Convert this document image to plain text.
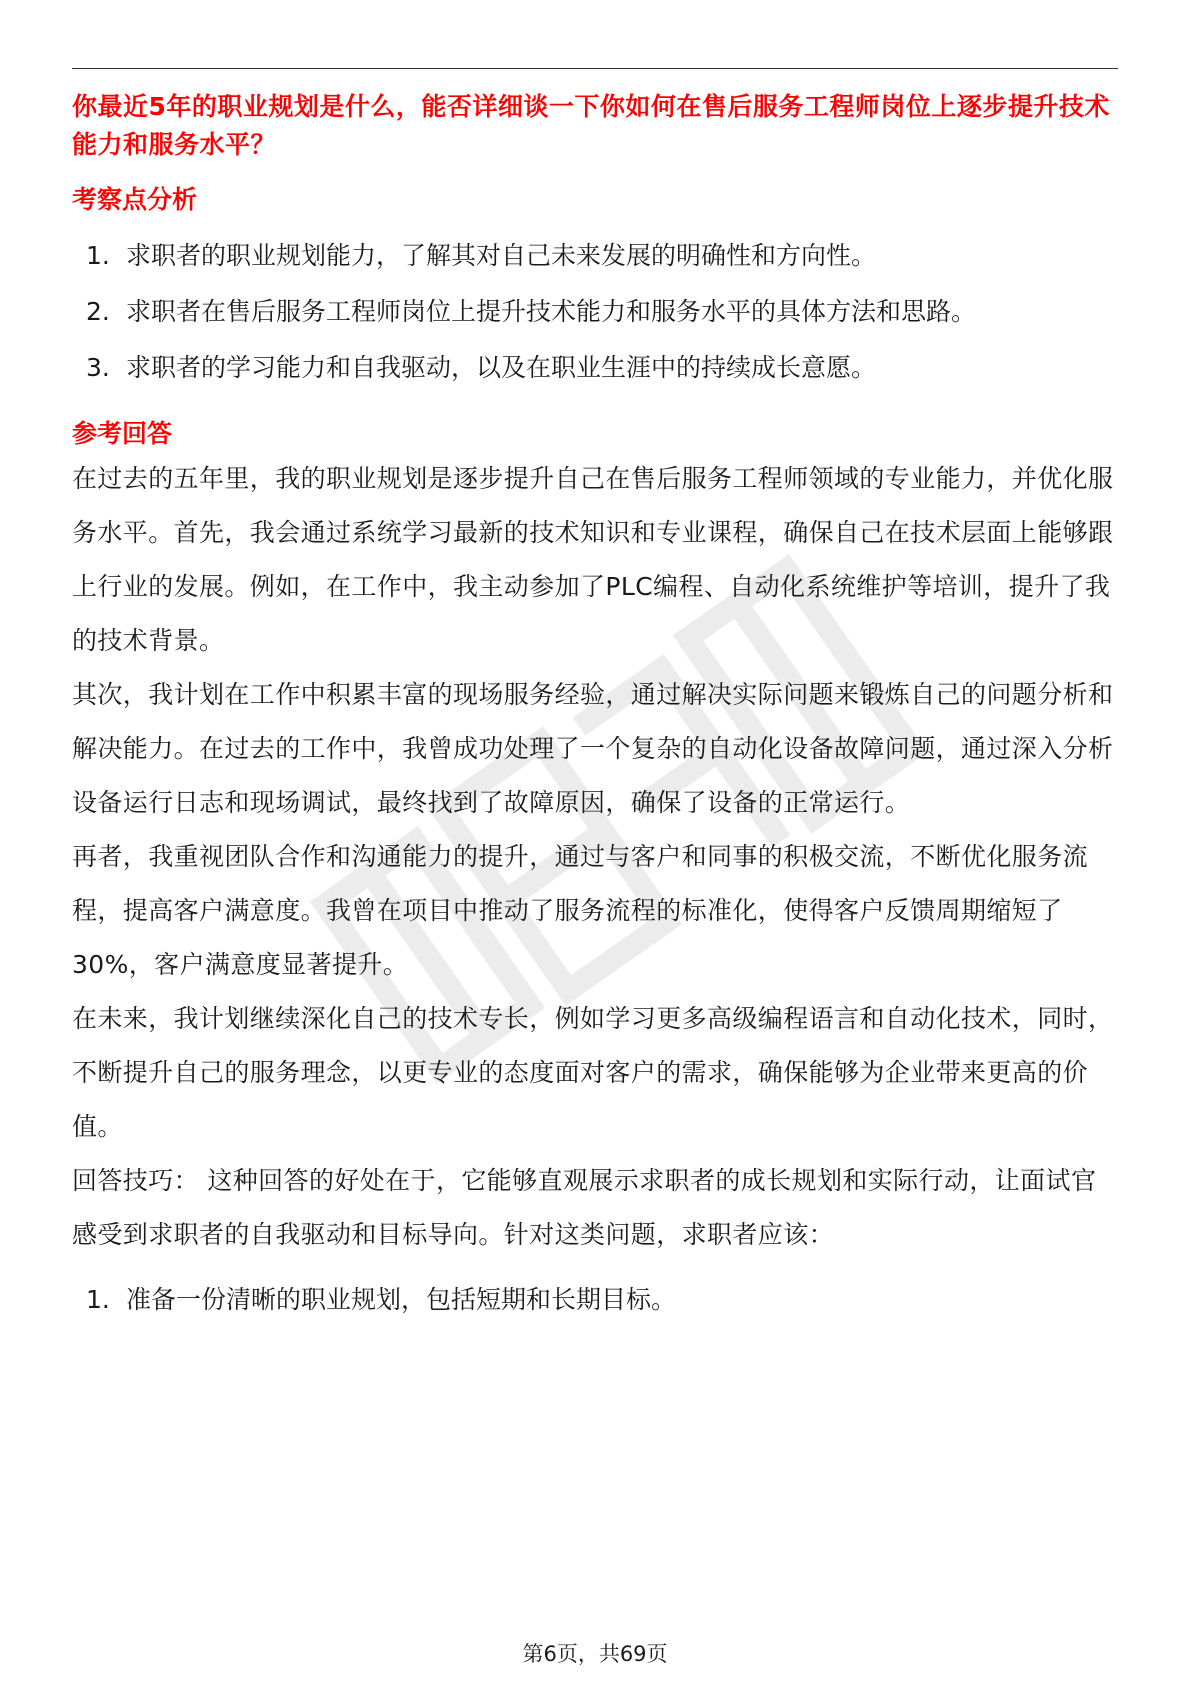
你最近5年的职业规划是什么，能否详细谈一下你如何在售后服务工程师岗位上逐步提升技术能力和服务水平？
考察点分析
1. 求职者的职业规划能力，了解其对自己未来发展的明确性和方向性。
2. 求职者在售后服务工程师岗位上提升技术能力和服务水平的具体方法和思路。
3. 求职者的学习能力和自我驱动，以及在职业生涯中的持续成长意愿。
参考回答

在过去的五年里，我的职业规划是逐步提升自己在售后服务工程师领域的专业能力，并优化服务水平。首先，我会通过系统学习最新的技术知识和专业课程，确保自己在技术层面上能够跟上行业的发展。例如，在工作中，我主动参加了PLC编程、自动化系统维护等培训，提升了我的技术背景。

其次，我计划在工作中积累丰富的现场服务经验，通过解决实际问题来锻炼自己的问题分析和解决能力。在过去的工作中，我曾成功处理了一个复杂的自动化设备故障问题，通过深入分析设备运行日志和现场调试，最终找到了故障原因，确保了设备的正常运行。

再者，我重视团队合作和沟通能力的提升，通过与客户和同事的积极交流，不断优化服务流程，提高客户满意度。我曾在项目中推动了服务流程的标准化，使得客户反馈周期缩短了30%，客户满意度显著提升。

在未来，我计划继续深化自己的技术专长，例如学习更多高级编程语言和自动化技术，同时，不断提升自己的服务理念，以更专业的态度面对客户的需求，确保能够为企业带来更高的价值。

回答技巧： 这种回答的好处在于，它能够直观展示求职者的成长规划和实际行动，让面试官感受到求职者的自我驱动和目标导向。针对这类问题，求职者应该：

1. 准备一份清晰的职业规划，包括短期和长期目标。
第6页，共69页
